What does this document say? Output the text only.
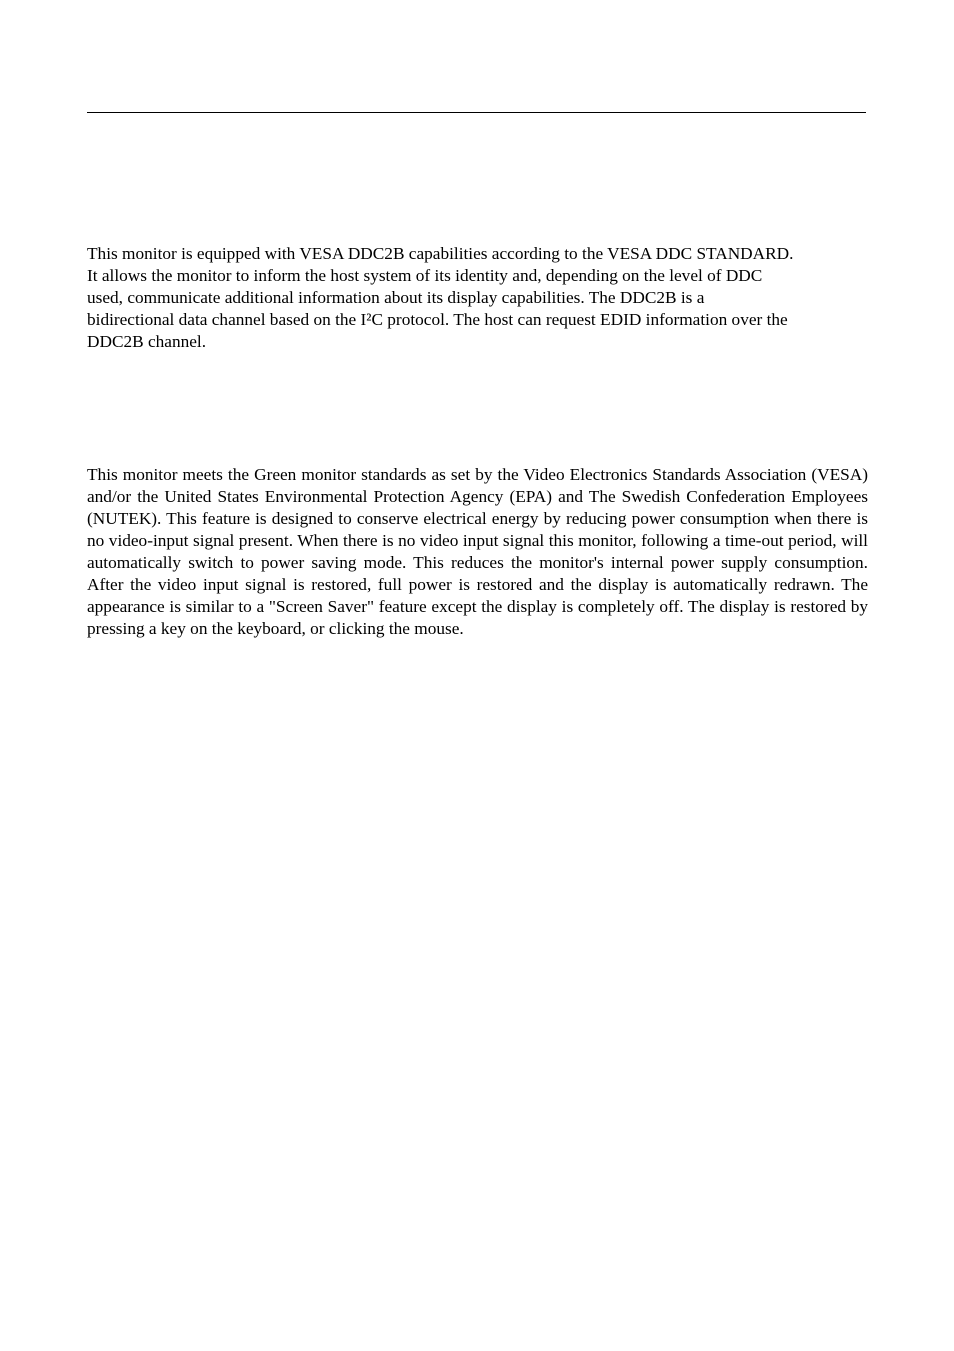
This monitor is equipped with VESA DDC2B capabilities according to the VESA DDC STANDARD.
It allows the monitor to inform the host system of its identity and, depending on the level of DDC
used, communicate additional information about its display capabilities. The DDC2B is a
bidirectional data channel based on the I²C protocol. The host can request EDID information over the
DDC2B channel.

This monitor meets the Green monitor standards as set by the Video Electronics Standards Association (VESA) and/or the United States Environmental Protection Agency (EPA) and The Swedish Confederation Employees (NUTEK). This feature is designed to conserve electrical energy by reducing power consumption when there is no video-input signal present. When there is no video input signal this monitor, following a time-out period, will automatically switch to power saving mode. This reduces the monitor's internal power supply consumption. After the video input signal is restored, full power is restored and the display is automatically redrawn. The appearance is similar to a "Screen Saver" feature except the display is completely off. The display is restored by pressing a key on the keyboard, or clicking the mouse.
